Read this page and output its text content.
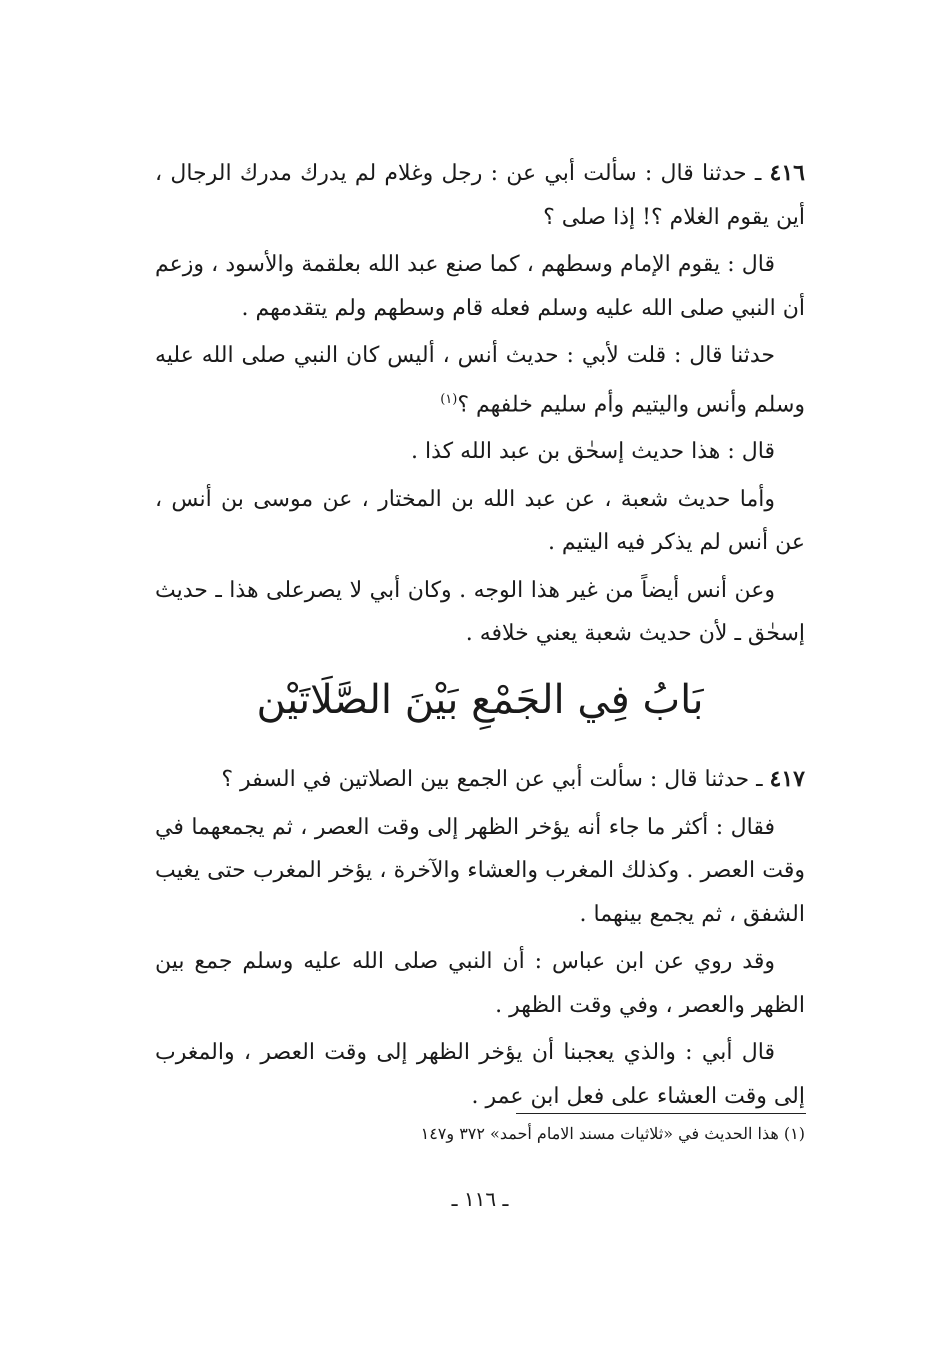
٤١٦ ـ حدثنا قال : سألت أبي عن : رجل وغلام لم يدرك مدرك الرجال ، أين يقوم الغلام ؟! إذا صلى ؟

قال : يقوم الإمام وسطهم ، كما صنع عبد الله بعلقمة والأسود ، وزعم أن النبي صلى الله عليه وسلم فعله قام وسطهم ولم يتقدمهم .

حدثنا قال : قلت لأبي : حديث أنس ، أليس كان النبي صلى الله عليه وسلم وأنس واليتيم وأم سليم خلفهم ؟$^{(١)}$

قال : هذا حديث إسحٰق بن عبد الله كذا .

وأما حديث شعبة ، عن عبد الله بن المختار ، عن موسى بن أنس ، عن أنس لم يذكر فيه اليتيم .

وعن أنس أيضاً من غير هذا الوجه . وكان أبي لا يصرعلى هذا ـ حديث إسحٰق ـ لأن حديث شعبة يعني خلافه .

بَابُ فِي الجَمْعِ بَيْنَ الصَّلَاتَيْن

٤١٧ ـ حدثنا قال : سألت أبي عن الجمع بين الصلاتين في السفر ؟

فقال : أكثر ما جاء أنه يؤخر الظهر إلى وقت العصر ، ثم يجمعهما في وقت العصر . وكذلك المغرب والعشاء والآخرة ، يؤخر المغرب حتى يغيب الشفق ، ثم يجمع بينهما .

وقد روي عن ابن عباس : أن النبي صلى الله عليه وسلم جمع بين الظهر والعصر ، وفي وقت الظهر .

قال أبي : والذي يعجبنا أن يؤخر الظهر إلى وقت العصر ، والمغرب إلى وقت العشاء على فعل ابن عمر .

(١) هذا الحديث في «ثلاثيات مسند الامام أحمد» ٣٧٢ و١٤٧
ـ ١١٦ ـ
